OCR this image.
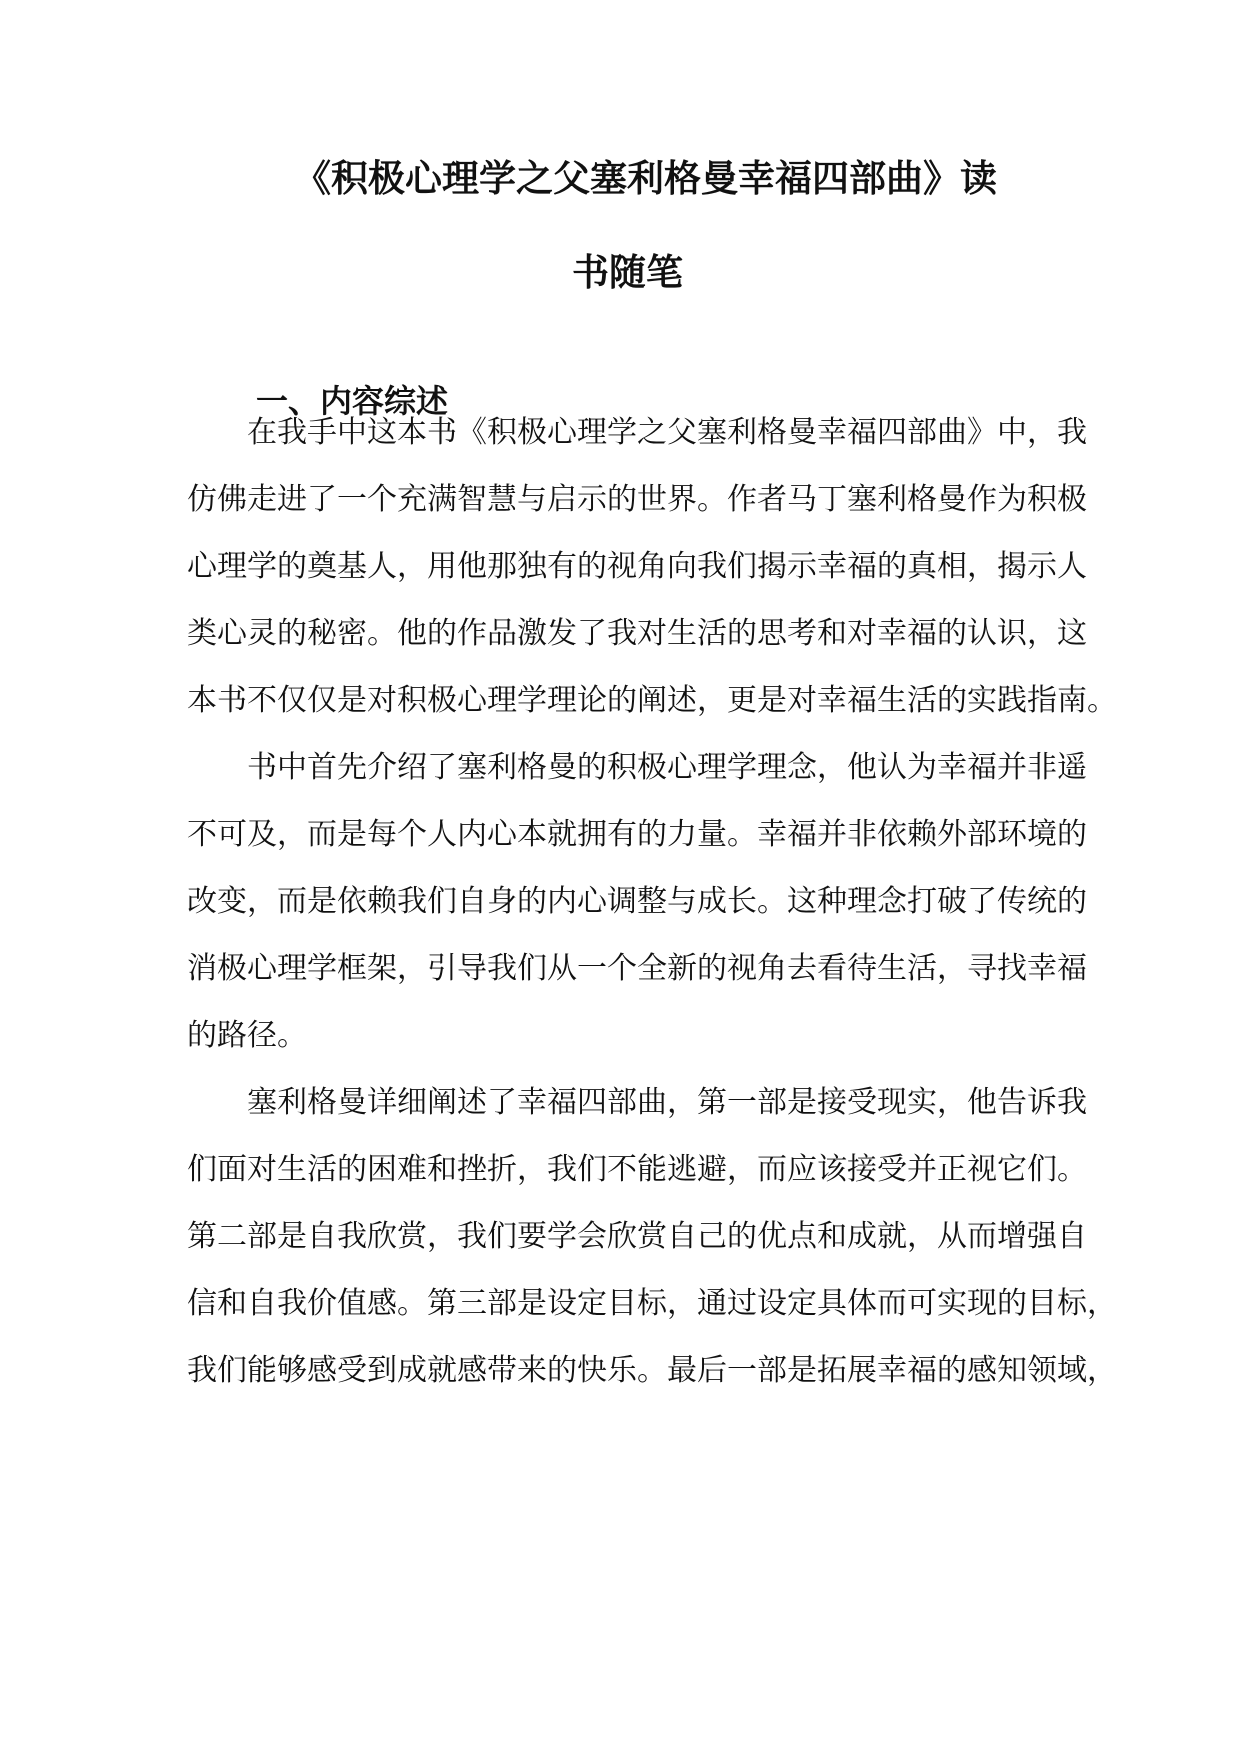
《积极心理学之父塞利格曼幸福四部曲》读
书随笔
一、内容综述
在我手中这本书《积极心理学之父塞利格曼幸福四部曲》中，我
仿佛走进了一个充满智慧与启示的世界。作者马丁塞利格曼作为积极
心理学的奠基人，用他那独有的视角向我们揭示幸福的真相，揭示人
类心灵的秘密。他的作品激发了我对生活的思考和对幸福的认识，这
本书不仅仅是对积极心理学理论的阐述，更是对幸福生活的实践指南。
书中首先介绍了塞利格曼的积极心理学理念，他认为幸福并非遥
不可及，而是每个人内心本就拥有的力量。幸福并非依赖外部环境的
改变，而是依赖我们自身的内心调整与成长。这种理念打破了传统的
消极心理学框架，引导我们从一个全新的视角去看待生活，寻找幸福
的路径。
塞利格曼详细阐述了幸福四部曲，第一部是接受现实，他告诉我
们面对生活的困难和挫折，我们不能逃避，而应该接受并正视它们。
第二部是自我欣赏，我们要学会欣赏自己的优点和成就，从而增强自
信和自我价值感。第三部是设定目标，通过设定具体而可实现的目标，
我们能够感受到成就感带来的快乐。最后一部是拓展幸福的感知领域，
